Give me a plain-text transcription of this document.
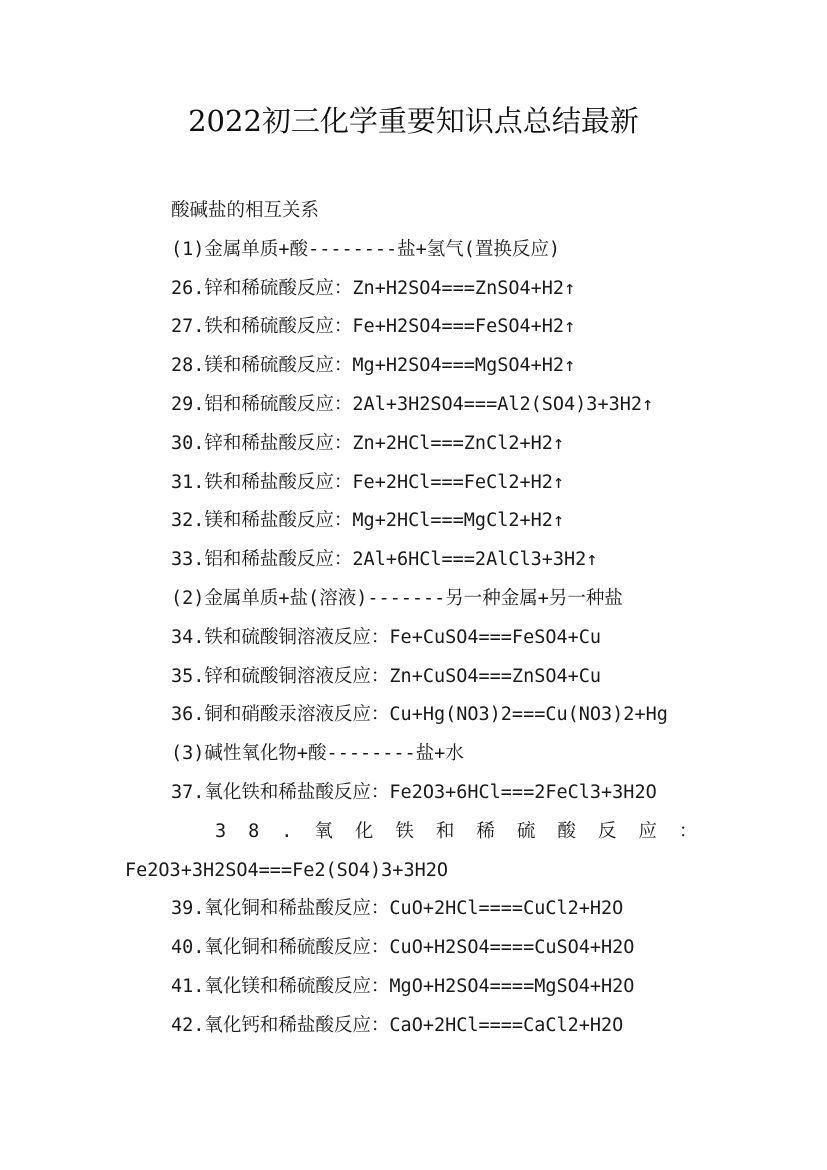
2022初三化学重要知识点总结最新
酸碱盐的相互关系
(1)金属单质+酸--------盐+氢气(置换反应)
26.锌和稀硫酸反应：Zn+H2SO4===ZnSO4+H2↑
27.铁和稀硫酸反应：Fe+H2SO4===FeSO4+H2↑
28.镁和稀硫酸反应：Mg+H2SO4===MgSO4+H2↑
29.铝和稀硫酸反应：2Al+3H2SO4===Al2(SO4)3+3H2↑
30.锌和稀盐酸反应：Zn+2HCl===ZnCl2+H2↑
31.铁和稀盐酸反应：Fe+2HCl===FeCl2+H2↑
32.镁和稀盐酸反应：Mg+2HCl===MgCl2+H2↑
33.铝和稀盐酸反应：2Al+6HCl===2AlCl3+3H2↑
(2)金属单质+盐(溶液)-------另一种金属+另一种盐
34.铁和硫酸铜溶液反应：Fe+CuSO4===FeSO4+Cu
35.锌和硫酸铜溶液反应：Zn+CuSO4===ZnSO4+Cu
36.铜和硝酸汞溶液反应：Cu+Hg(NO3)2===Cu(NO3)2+Hg
(3)碱性氧化物+酸--------盐+水
37.氧化铁和稀盐酸反应：Fe2O3+6HCl===2FeCl3+3H2O
38.氧化铁和稀硫酸反应：
Fe2O3+3H2SO4===Fe2(SO4)3+3H2O
39.氧化铜和稀盐酸反应：CuO+2HCl====CuCl2+H2O
40.氧化铜和稀硫酸反应：CuO+H2SO4====CuSO4+H2O
41.氧化镁和稀硫酸反应：MgO+H2SO4====MgSO4+H2O
42.氧化钙和稀盐酸反应：CaO+2HCl====CaCl2+H2O
